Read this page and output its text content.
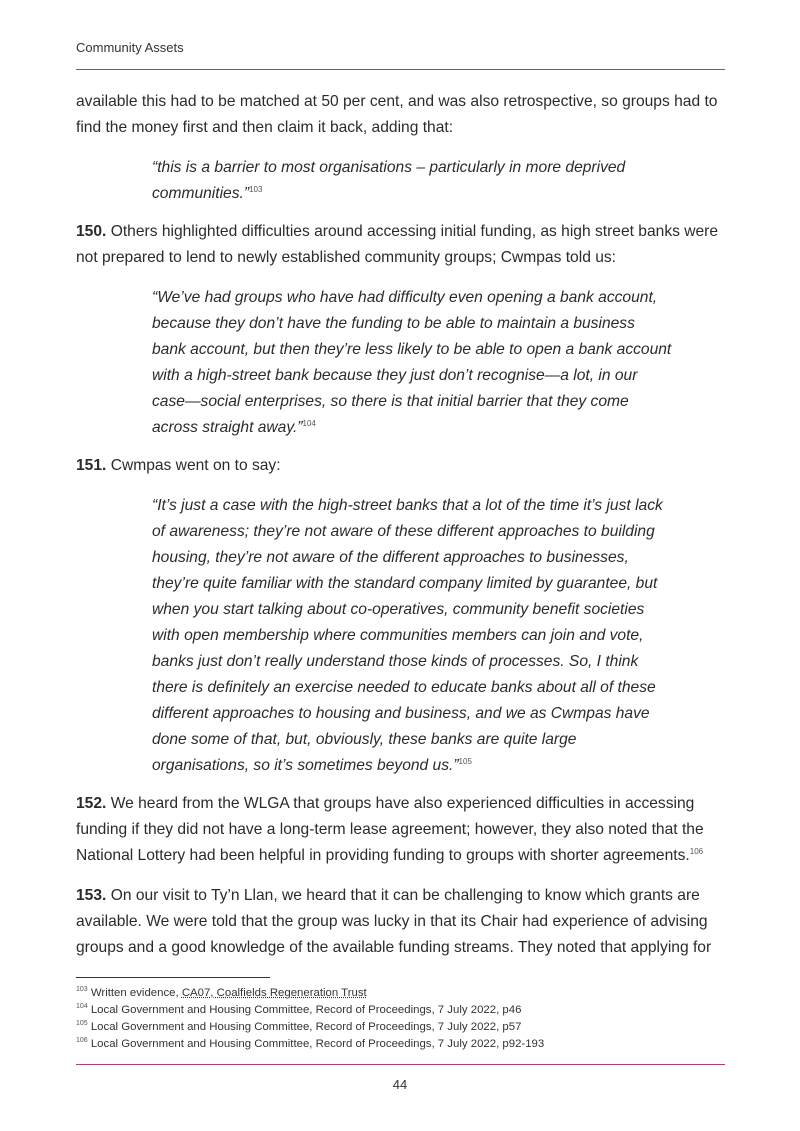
Community Assets

available this had to be matched at 50 per cent, and was also retrospective, so groups had to find the money first and then claim it back, adding that:

“this is a barrier to most organisations – particularly in more deprived communities.”$^{103}$

150. Others highlighted difficulties around accessing initial funding, as high street banks were not prepared to lend to newly established community groups; Cwmpas told us:

“We’ve had groups who have had difficulty even opening a bank account, because they don’t have the funding to be able to maintain a business bank account, but then they’re less likely to be able to open a bank account with a high-street bank because they just don’t recognise—a lot, in our case—social enterprises, so there is that initial barrier that they come across straight away.”$^{104}$

151. Cwmpas went on to say:

“It’s just a case with the high-street banks that a lot of the time it’s just lack of awareness; they’re not aware of these different approaches to building housing, they’re not aware of the different approaches to businesses, they’re quite familiar with the standard company limited by guarantee, but when you start talking about co-operatives, community benefit societies with open membership where communities members can join and vote, banks just don’t really understand those kinds of processes. So, I think there is definitely an exercise needed to educate banks about all of these different approaches to housing and business, and we as Cwmpas have done some of that, but, obviously, these banks are quite large organisations, so it’s sometimes beyond us.”$^{105}$

152. We heard from the WLGA that groups have also experienced difficulties in accessing funding if they did not have a long-term lease agreement; however, they also noted that the National Lottery had been helpful in providing funding to groups with shorter agreements.$^{106}$

153. On our visit to Ty’n Llan, we heard that it can be challenging to know which grants are available. We were told that the group was lucky in that its Chair had experience of advising groups and a good knowledge of the available funding streams. They noted that applying for

$^{103}$ Written evidence, CA07, Coalfields Regeneration Trust
$^{104}$ Local Government and Housing Committee, Record of Proceedings, 7 July 2022, p46
$^{105}$ Local Government and Housing Committee, Record of Proceedings, 7 July 2022, p57
$^{106}$ Local Government and Housing Committee, Record of Proceedings, 7 July 2022, p92-193
44
